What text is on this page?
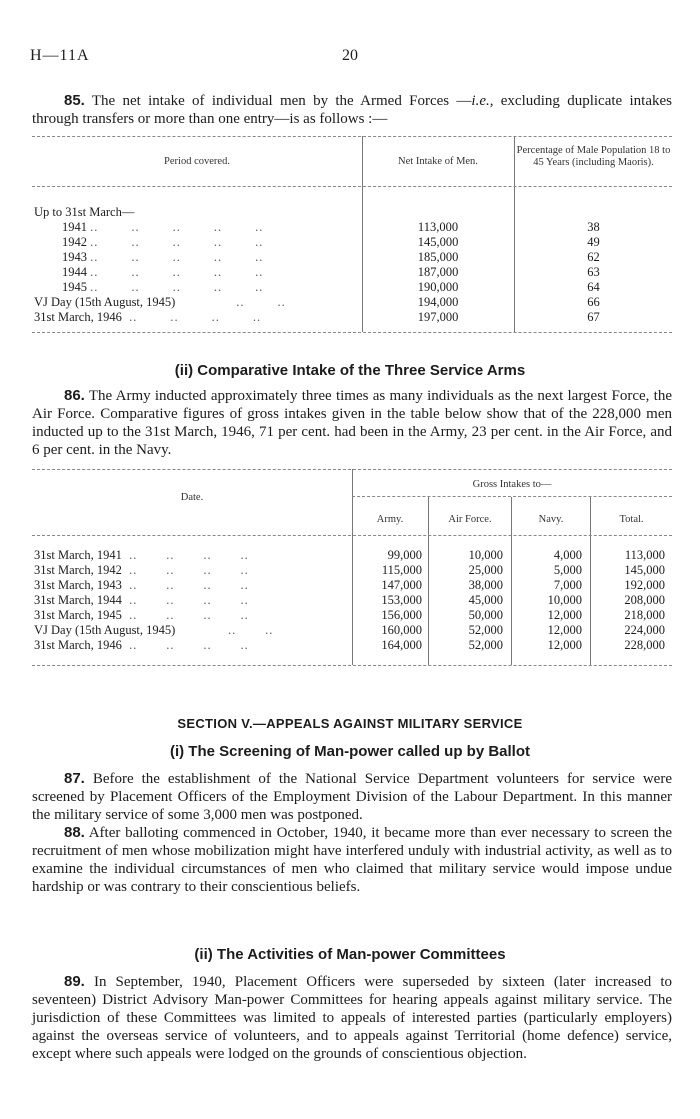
H—11A	20

85. The net intake of individual men by the Armed Forces —i.e., excluding duplicate intakes through transfers or more than one entry—is as follows :—

Period covered.	Net Intake of Men.
Percentage of Male Population 18 to 45 Years (including Maoris).
Up to 31st March—
1941 ..        ..        ..        ..        ..	113,000	38
1942 ..        ..        ..        ..        ..	145,000	49
1943 ..        ..        ..        ..        ..	185,000	62
1944 ..        ..        ..        ..        ..	187,000	63
1945 ..        ..        ..        ..        ..	190,000	64
VJ Day (15th August, 1945)               ..        ..	194,000	66
31st March, 1946  ..        ..        ..        ..	197,000	67
(ii) Comparative Intake of the Three Service Arms

86. The Army inducted approximately three times as many individuals as the next largest Force, the Air Force. Comparative figures of gross intakes given in the table below show that of the 228,000 men inducted up to the 31st March, 1946, 71 per cent. had been in the Army, 23 per cent. in the Air Force, and 6 per cent. in the Navy.

Date.
Gross Intakes to—
Army.	Air Force.	Navy.	Total.
31st March, 1941  ..       ..       ..       ..	99,000	10,000	4,000	113,000
31st March, 1942  ..       ..       ..       ..	115,000	25,000	5,000	145,000
31st March, 1943  ..       ..       ..       ..	147,000	38,000	7,000	192,000
31st March, 1944  ..       ..       ..       ..	153,000	45,000	10,000	208,000
31st March, 1945  ..       ..       ..       ..	156,000	50,000	12,000	218,000
VJ Day (15th August, 1945)             ..       ..	160,000	52,000	12,000	224,000
31st March, 1946  ..       ..       ..       ..	164,000	52,000	12,000	228,000
SECTION V.—APPEALS AGAINST MILITARY SERVICE
(i) The Screening of Man-power called up by Ballot

87. Before the establishment of the National Service Department volunteers for service were screened by Placement Officers of the Employment Division of the Labour Department. In this manner the military service of some 3,000 men was postponed.

88. After balloting commenced in October, 1940, it became more than ever necessary to screen the recruitment of men whose mobilization might have interfered unduly with industrial activity, as well as to examine the individual circumstances of men who claimed that military service would impose undue hardship or was contrary to their conscientious beliefs.

(ii) The Activities of Man-power Committees

89. In September, 1940, Placement Officers were superseded by sixteen (later increased to seventeen) District Advisory Man-power Committees for hearing appeals against military service. The jurisdiction of these Committees was limited to appeals of interested parties (particularly employers) against the overseas service of volunteers, and to appeals against Territorial (home defence) service, except where such appeals were lodged on the grounds of conscientious objection.
